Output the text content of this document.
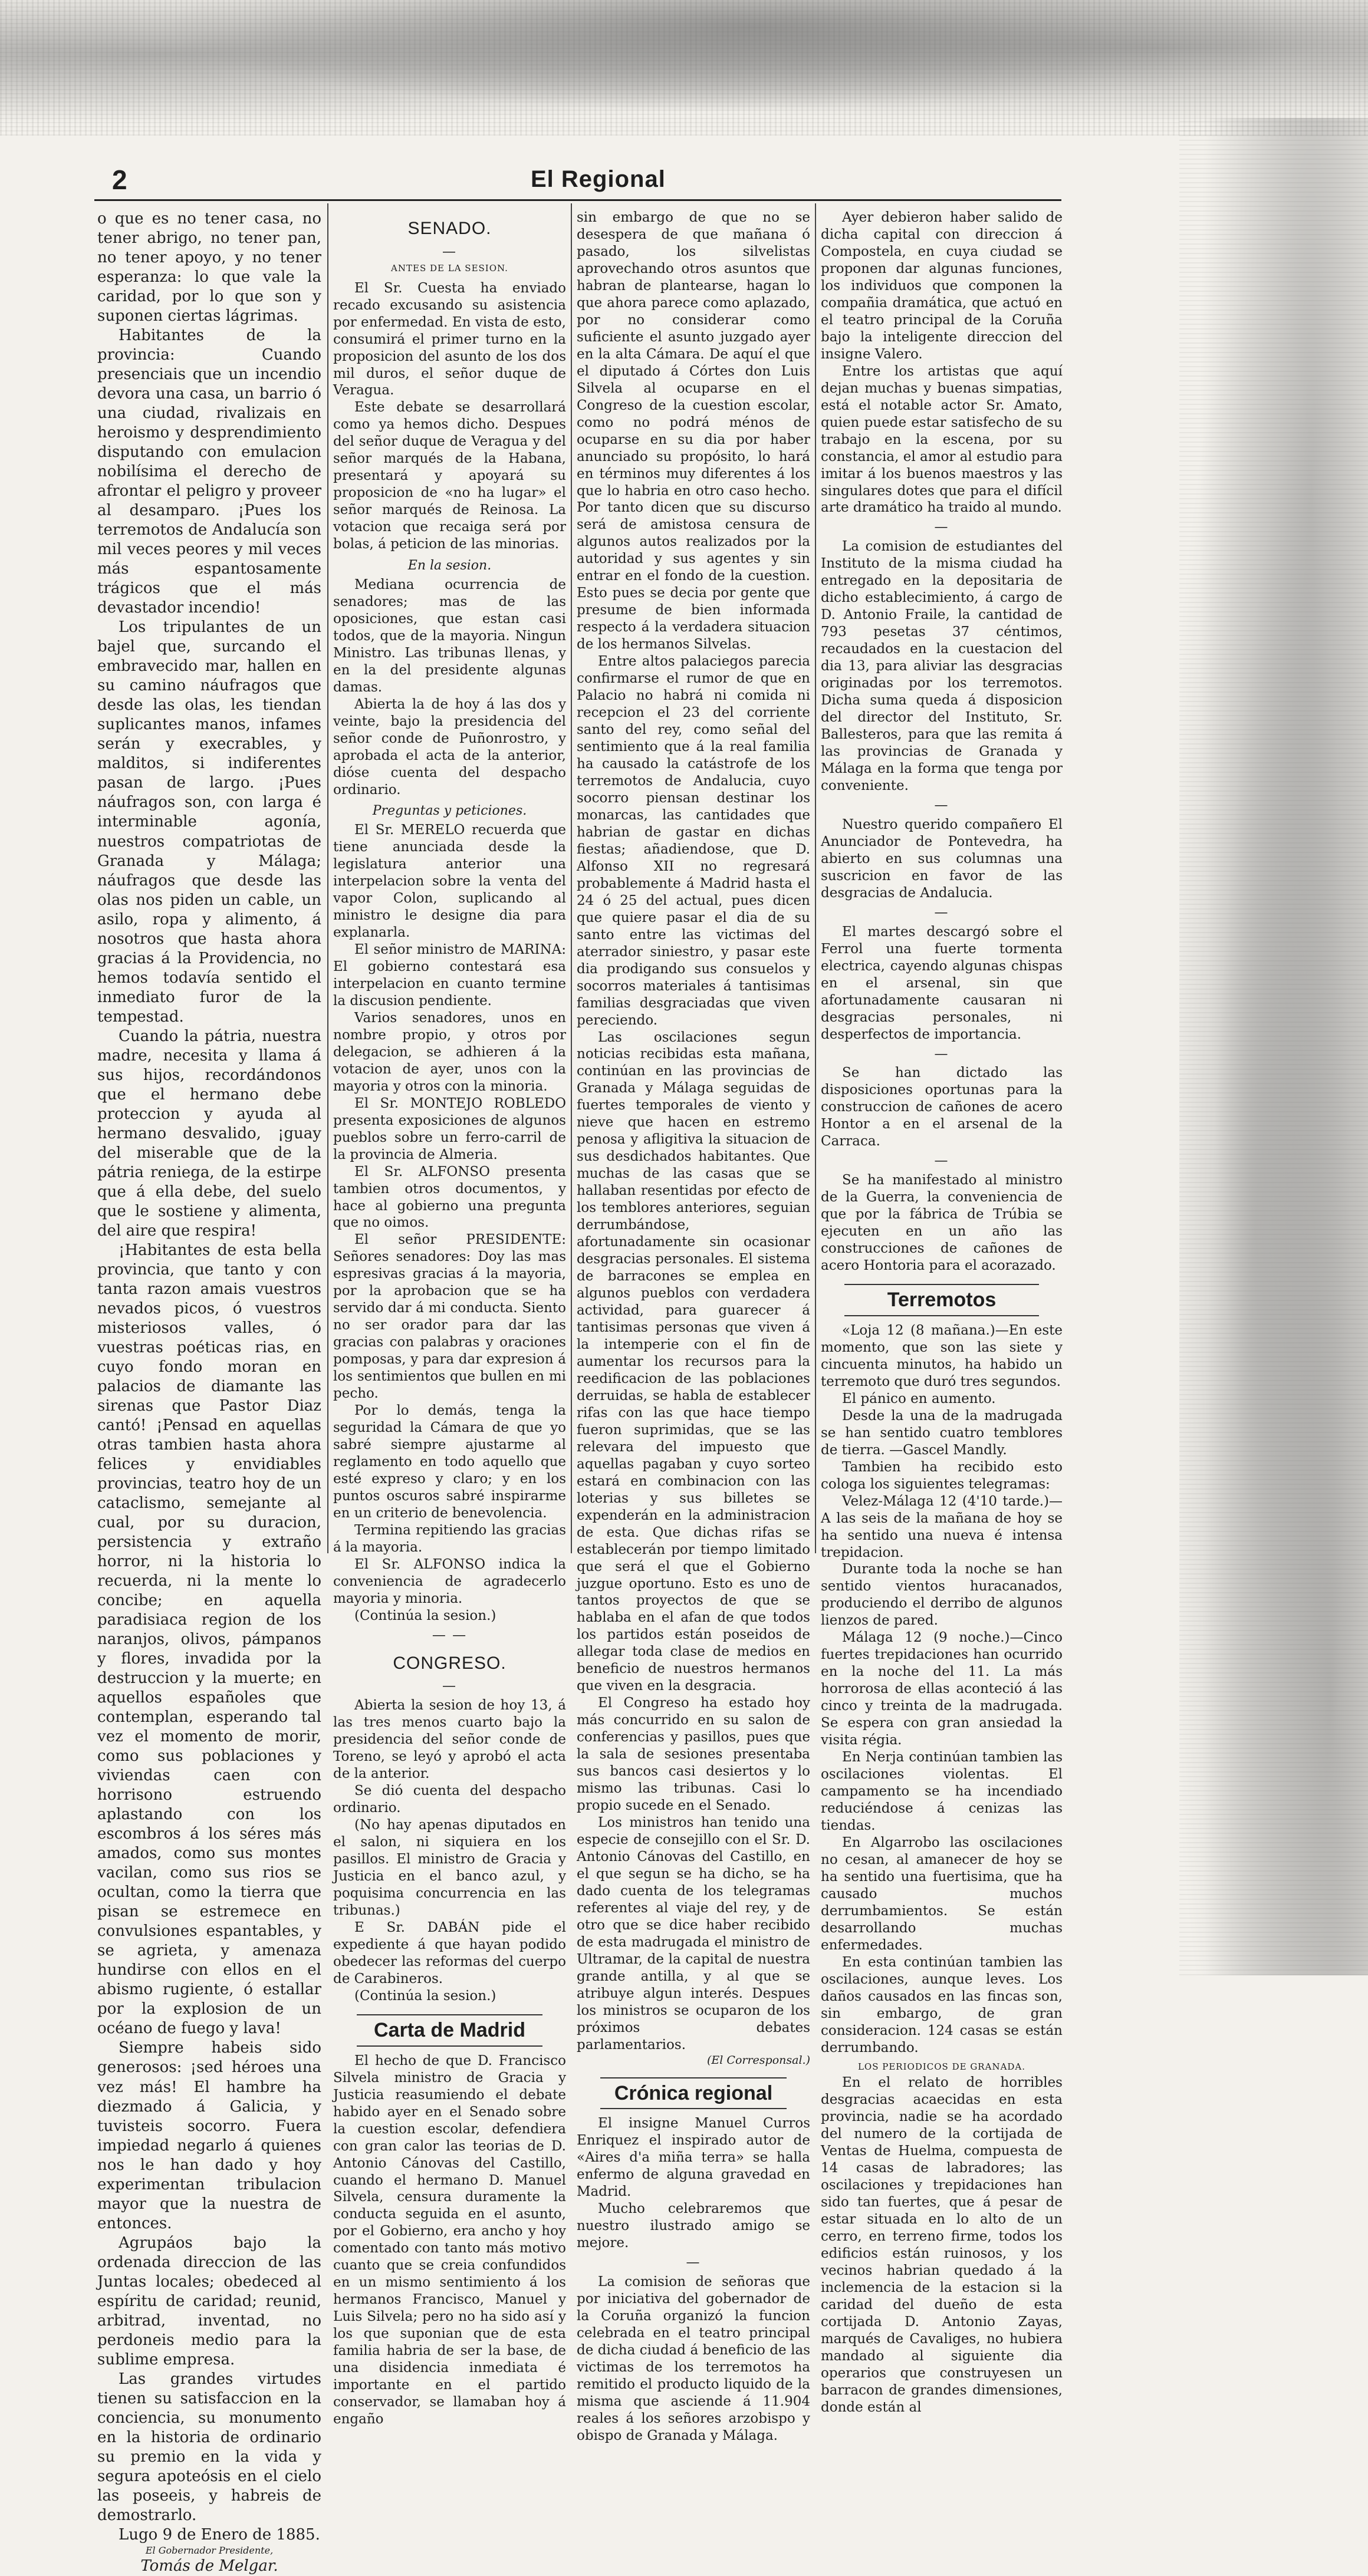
2	El Regional

o que es no tener casa, no tener abrigo, no tener pan, no tener apoyo, y no tener esperanza: lo que vale la caridad, por lo que son y suponen ciertas lágrimas.

Habitantes de la provincia: Cuando presenciais que un incendio devora una casa, un barrio ó una ciudad, rivalizais en heroismo y desprendimiento disputando con emulacion nobilísima el derecho de afrontar el peligro y proveer al desamparo. ¡Pues los terremotos de Andalucía son mil veces peores y mil veces más espantosamente trágicos que el más devastador incendio!

Los tripulantes de un bajel que, surcando el embravecido mar, hallen en su camino náufragos que desde las olas, les tiendan suplicantes manos, infames serán y execrables, y malditos, si indiferentes pasan de largo. ¡Pues náufragos son, con larga é interminable agonía, nuestros compatriotas de Granada y Málaga; náufragos que desde las olas nos piden un cable, un asilo, ropa y alimento, á nosotros que hasta ahora gracias á la Providencia, no hemos todavía sentido el inmediato furor de la tempestad.

Cuando la pátria, nuestra madre, necesita y llama á sus hijos, recordándonos que el hermano debe proteccion y ayuda al hermano desvalido, ¡guay del miserable que de la pátria reniega, de la estirpe que á ella debe, del suelo que le sostiene y alimenta, del aire que respira!

¡Habitantes de esta bella provincia, que tanto y con tanta razon amais vuestros nevados picos, ó vuestros misteriosos valles, ó vuestras poéticas rias, en cuyo fondo moran en palacios de diamante las sirenas que Pastor Diaz cantó! ¡Pensad en aquellas otras tambien hasta ahora felices y envidiables provincias, teatro hoy de un cataclismo, semejante al cual, por su duracion, persistencia y extraño horror, ni la historia lo recuerda, ni la mente lo concibe; en aquella paradisiaca region de los naranjos, olivos, pámpanos y flores, invadida por la destruccion y la muerte; en aquellos españoles que contemplan, esperando tal vez el momento de morir, como sus poblaciones y viviendas caen con horrisono estruendo aplastando con los escombros á los séres más amados, como sus montes vacilan, como sus rios se ocultan, como la tierra que pisan se estremece en convulsiones espantables, y se agrieta, y amenaza hundirse con ellos en el abismo rugiente, ó estallar por la explosion de un océano de fuego y lava!

Siempre habeis sido generosos: ¡sed héroes una vez más! El hambre ha diezmado á Galicia, y tuvisteis socorro. Fuera impiedad negarlo á quienes nos le han dado y hoy experimentan tribulacion mayor que la nuestra de entonces.

Agrupáos bajo la ordenada direccion de las Juntas locales; obedeced al espíritu de caridad; reunid, arbitrad, inventad, no perdoneis medio para la sublime empresa.

Las grandes virtudes tienen su satisfaccion en la conciencia, su monumento en la historia de ordinario su premio en la vida y segura apoteósis en el cielo las poseeis, y habreis de demostrarlo.

Lugo 9 de Enero de 1885.

El Gobernador Presidente,
Tomás de Melgar.
SENADO.
—
ANTES DE LA SESION.

El Sr. Cuesta ha enviado recado excusando su asistencia por enfermedad. En vista de esto, consumirá el primer turno en la proposicion del asunto de los dos mil duros, el señor duque de Veragua.

Este debate se desarrollará como ya hemos dicho. Despues del señor duque de Veragua y del señor marqués de la Habana, presentará y apoyará su proposicion de «no ha lugar» el señor marqués de Reinosa. La votacion que recaiga será por bolas, á peticion de las minorias.

En la sesion.

Mediana ocurrencia de senadores; mas de las oposiciones, que estan casi todos, que de la mayoria. Ningun Ministro. Las tribunas llenas, y en la del presidente algunas damas.

Abierta la de hoy á las dos y veinte, bajo la presidencia del señor conde de Puñonrostro, y aprobada el acta de la anterior, dióse cuenta del despacho ordinario.

Preguntas y peticiones.

El Sr. MERELO recuerda que tiene anunciada desde la legislatura anterior una interpelacion sobre la venta del vapor Colon, suplicando al ministro le designe dia para explanarla.

El señor ministro de MARINA: El gobierno contestará esa interpelacion en cuanto termine la discusion pendiente.

Varios senadores, unos en nombre propio, y otros por delegacion, se adhieren á la votacion de ayer, unos con la mayoria y otros con la minoria.

El Sr. MONTEJO ROBLEDO presenta exposiciones de algunos pueblos sobre un ferro-carril de la provincia de Almeria.

El Sr. ALFONSO presenta tambien otros documentos, y hace al gobierno una pregunta que no oimos.

El señor PRESIDENTE: Señores senadores: Doy las mas espresivas gracias á la mayoria, por la aprobacion que se ha servido dar á mi conducta. Siento no ser orador para dar las gracias con palabras y oraciones pomposas, y para dar expresion á los sentimientos que bullen en mi pecho.

Por lo demás, tenga la seguridad la Cámara de que yo sabré siempre ajustarme al reglamento en todo aquello que esté expreso y claro; y en los puntos oscuros sabré inspirarme en un criterio de benevolencia.

Termina repitiendo las gracias á la mayoria.

El Sr. ALFONSO indica la conveniencia de agradecerlo mayoria y minoria.

(Continúa la sesion.)

— —
CONGRESO.
—

Abierta la sesion de hoy 13, á las tres menos cuarto bajo la presidencia del señor conde de Toreno, se leyó y aprobó el acta de la anterior.

Se dió cuenta del despacho ordinario.

(No hay apenas diputados en el salon, ni siquiera en los pasillos. El ministro de Gracia y Justicia en el banco azul, y poquisima concurrencia en las tribunas.)

E Sr. DABÁN pide el expediente á que hayan podido obedecer las reformas del cuerpo de Carabineros.

(Continúa la sesion.)

Carta de Madrid

El hecho de que D. Francisco Silvela ministro de Gracia y Justicia reasumiendo el debate habido ayer en el Senado sobre la cuestion escolar, defendiera con gran calor las teorias de D. Antonio Cánovas del Castillo, cuando el hermano D. Manuel Silvela, censura duramente la conducta seguida en el asunto, por el Gobierno, era ancho y hoy comentado con tanto más motivo cuanto que se creia confundidos en un mismo sentimiento á los hermanos Francisco, Manuel y Luis Silvela; pero no ha sido así y los que suponian que de esta familia habria de ser la base, de una disidencia inmediata é importante en el partido conservador, se llamaban hoy á engaño

sin embargo de que no se desespera de que mañana ó pasado, los silvelistas aprovechando otros asuntos que habran de plantearse, hagan lo que ahora parece como aplazado, por no considerar como suficiente el asunto juzgado ayer en la alta Cámara. De aquí el que el diputado á Córtes don Luis Silvela al ocuparse en el Congreso de la cuestion escolar, como no podrá ménos de ocuparse en su dia por haber anunciado su propósito, lo hará en términos muy diferentes á los que lo habria en otro caso hecho. Por tanto dicen que su discurso será de amistosa censura de algunos autos realizados por la autoridad y sus agentes y sin entrar en el fondo de la cuestion. Esto pues se decia por gente que presume de bien informada respecto á la verdadera situacion de los hermanos Silvelas.

Entre altos palaciegos parecia confirmarse el rumor de que en Palacio no habrá ni comida ni recepcion el 23 del corriente santo del rey, como señal del sentimiento que á la real familia ha causado la catástrofe de los terremotos de Andalucia, cuyo socorro piensan destinar los monarcas, las cantidades que habrian de gastar en dichas fiestas; añadiendose, que D. Alfonso XII no regresará probablemente á Madrid hasta el 24 ó 25 del actual, pues dicen que quiere pasar el dia de su santo entre las victimas del aterrador siniestro, y pasar este dia prodigando sus consuelos y socorros materiales á tantisimas familias desgraciadas que viven pereciendo.

Las oscilaciones segun noticias recibidas esta mañana, continúan en las provincias de Granada y Málaga seguidas de fuertes temporales de viento y nieve que hacen en estremo penosa y afligitiva la situacion de sus desdichados habitantes. Que muchas de las casas que se hallaban resentidas por efecto de los temblores anteriores, seguian derrumbándose, afortunadamente sin ocasionar desgracias personales. El sistema de barracones se emplea en algunos pueblos con verdadera actividad, para guarecer á tantisimas personas que viven á la intemperie con el fin de aumentar los recursos para la reedificacion de las poblaciones derruidas, se habla de establecer rifas con las que hace tiempo fueron suprimidas, que se las relevara del impuesto que aquellas pagaban y cuyo sorteo estará en combinacion con las loterias y sus billetes se expenderán en la administracion de esta. Que dichas rifas se establecerán por tiempo limitado que será el que el Gobierno juzgue oportuno. Esto es uno de tantos proyectos de que se hablaba en el afan de que todos los partidos están poseidos de allegar toda clase de medios en beneficio de nuestros hermanos que viven en la desgracia.

El Congreso ha estado hoy más concurrido en su salon de conferencias y pasillos, pues que la sala de sesiones presentaba sus bancos casi desiertos y lo mismo las tribunas. Casi lo propio sucede en el Senado.

Los ministros han tenido una especie de consejillo con el Sr. D. Antonio Cánovas del Castillo, en el que segun se ha dicho, se ha dado cuenta de los telegramas referentes al viaje del rey, y de otro que se dice haber recibido de esta madrugada el ministro de Ultramar, de la capital de nuestra grande antilla, y al que se atribuye algun interés. Despues los ministros se ocuparon de los próximos debates parlamentarios.

(El Corresponsal.)
Crónica regional

El insigne Manuel Curros Enriquez el inspirado autor de «Aires d'a miña terra» se halla enfermo de alguna gravedad en Madrid.

Mucho celebraremos que nuestro ilustrado amigo se mejore.

—

La comision de señoras que por iniciativa del gobernador de la Coruña organizó la funcion celebrada en el teatro principal de dicha ciudad á beneficio de las victimas de los terremotos ha remitido el producto liquido de la misma que asciende á 11.904 reales á los señores arzobispo y obispo de Granada y Málaga.

Ayer debieron haber salido de dicha capital con direccion á Compostela, en cuya ciudad se proponen dar algunas funciones, los individuos que componen la compañia dramática, que actuó en el teatro principal de la Coruña bajo la inteligente direccion del insigne Valero.

Entre los artistas que aquí dejan muchas y buenas simpatias, está el notable actor Sr. Amato, quien puede estar satisfecho de su trabajo en la escena, por su constancia, el amor al estudio para imitar á los buenos maestros y las singulares dotes que para el difícil arte dramático ha traido al mundo.

—

La comision de estudiantes del Instituto de la misma ciudad ha entregado en la depositaria de dicho establecimiento, á cargo de D. Antonio Fraile, la cantidad de 793 pesetas 37 céntimos, recaudados en la cuestacion del dia 13, para aliviar las desgracias originadas por los terremotos. Dicha suma queda á disposicion del director del Instituto, Sr. Ballesteros, para que las remita á las provincias de Granada y Málaga en la forma que tenga por conveniente.

—

Nuestro querido compañero El Anunciador de Pontevedra, ha abierto en sus columnas una suscricion en favor de las desgracias de Andalucia.

—

El martes descargó sobre el Ferrol una fuerte tormenta electrica, cayendo algunas chispas en el arsenal, sin que afortunadamente causaran ni desgracias personales, ni desperfectos de importancia.

—

Se han dictado las disposiciones oportunas para la construccion de cañones de acero Hontor a en el arsenal de la Carraca.

—

Se ha manifestado al ministro de la Guerra, la conveniencia de que por la fábrica de Trúbia se ejecuten en un año las construcciones de cañones de acero Hontoria para el acorazado.

Terremotos

«Loja 12 (8 mañana.)—En este momento, que son las siete y cincuenta minutos, ha habido un terremoto que duró tres segundos.

El pánico en aumento.

Desde la una de la madrugada se han sentido cuatro temblores de tierra. —Gascel Mandly.

Tambien ha recibido esto cologa los siguientes telegramas:

Velez-Málaga 12 (4'10 tarde.)—A las seis de la mañana de hoy se ha sentido una nueva é intensa trepidacion.

Durante toda la noche se han sentido vientos huracanados, produciendo el derribo de algunos lienzos de pared.

Málaga 12 (9 noche.)—Cinco fuertes trepidaciones han ocurrido en la noche del 11. La más horrorosa de ellas aconteció á las cinco y treinta de la madrugada. Se espera con gran ansiedad la visita régia.

En Nerja continúan tambien las oscilaciones violentas. El campamento se ha incendiado reduciéndose á cenizas las tiendas.

En Algarrobo las oscilaciones no cesan, al amanecer de hoy se ha sentido una fuertisima, que ha causado muchos derrumbamientos. Se están desarrollando muchas enfermedades.

En esta continúan tambien las oscilaciones, aunque leves. Los daños causados en las fincas son, sin embargo, de gran consideracion. 124 casas se están derrumbando.

LOS PERIODICOS DE GRANADA.

En el relato de horribles desgracias acaecidas en esta provincia, nadie se ha acordado del numero de la cortijada de Ventas de Huelma, compuesta de 14 casas de labradores; las oscilaciones y trepidaciones han sido tan fuertes, que á pesar de estar situada en lo alto de un cerro, en terreno firme, todos los edificios están ruinosos, y los vecinos habrian quedado á la inclemencia de la estacion si la caridad del dueño de esta cortijada D. Antonio Zayas, marqués de Cavaliges, no hubiera mandado al siguiente dia operarios que construyesen un barracon de grandes dimensiones, donde están al
